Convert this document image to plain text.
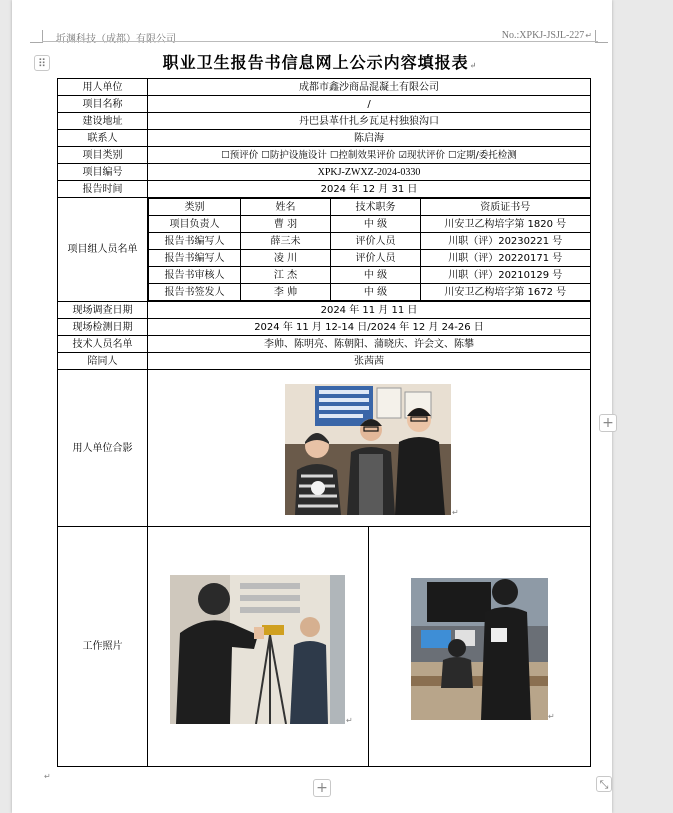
圻渊科技（成都）有限公司	No.:XPKJ-JSJL-227↵
⠿	职业卫生报告书信息网上公示内容填报表↵
用人单位	成都市鑫沙商品混凝土有限公司
项目名称	/
建设地址	丹巴县革什扎乡瓦足村独狼沟口
联系人	陈启海
项目类别	☐预评价 ☐防护设施设计 ☐控制效果评价 ☑现状评价 ☐定期/委托检测
项目编号	XPKJ-ZWXZ-2024-0330
报告时间	2024 年 12 月 31 日
项目组人员名单	
类别	姓名	技术职务	资质证书号
项目负责人	曹 羽	中 级	川安卫乙构培字第 1820 号
报告书编写人	薛三未	评价人员	川职（评）20230221 号
报告书编写人	凌 川	评价人员	川职（评）20220171 号
报告书审核人	江 杰	中 级	川职（评）20210129 号
报告书签发人	李 帅	中 级	川安卫乙构培字第 1672 号

现场调查日期	2024 年 11 月 11 日
现场检测日期	2024 年 11 月 12-14 日/2024 年 12 月 24-26 日
技术人员名单	李帅、陈明亮、陈朝阳、蒲晓庆、许会文、陈攀
陪同人	张茜茜
用人单位合影	
工作照片		
↵
↵	↵
↵
+
+	⤡
